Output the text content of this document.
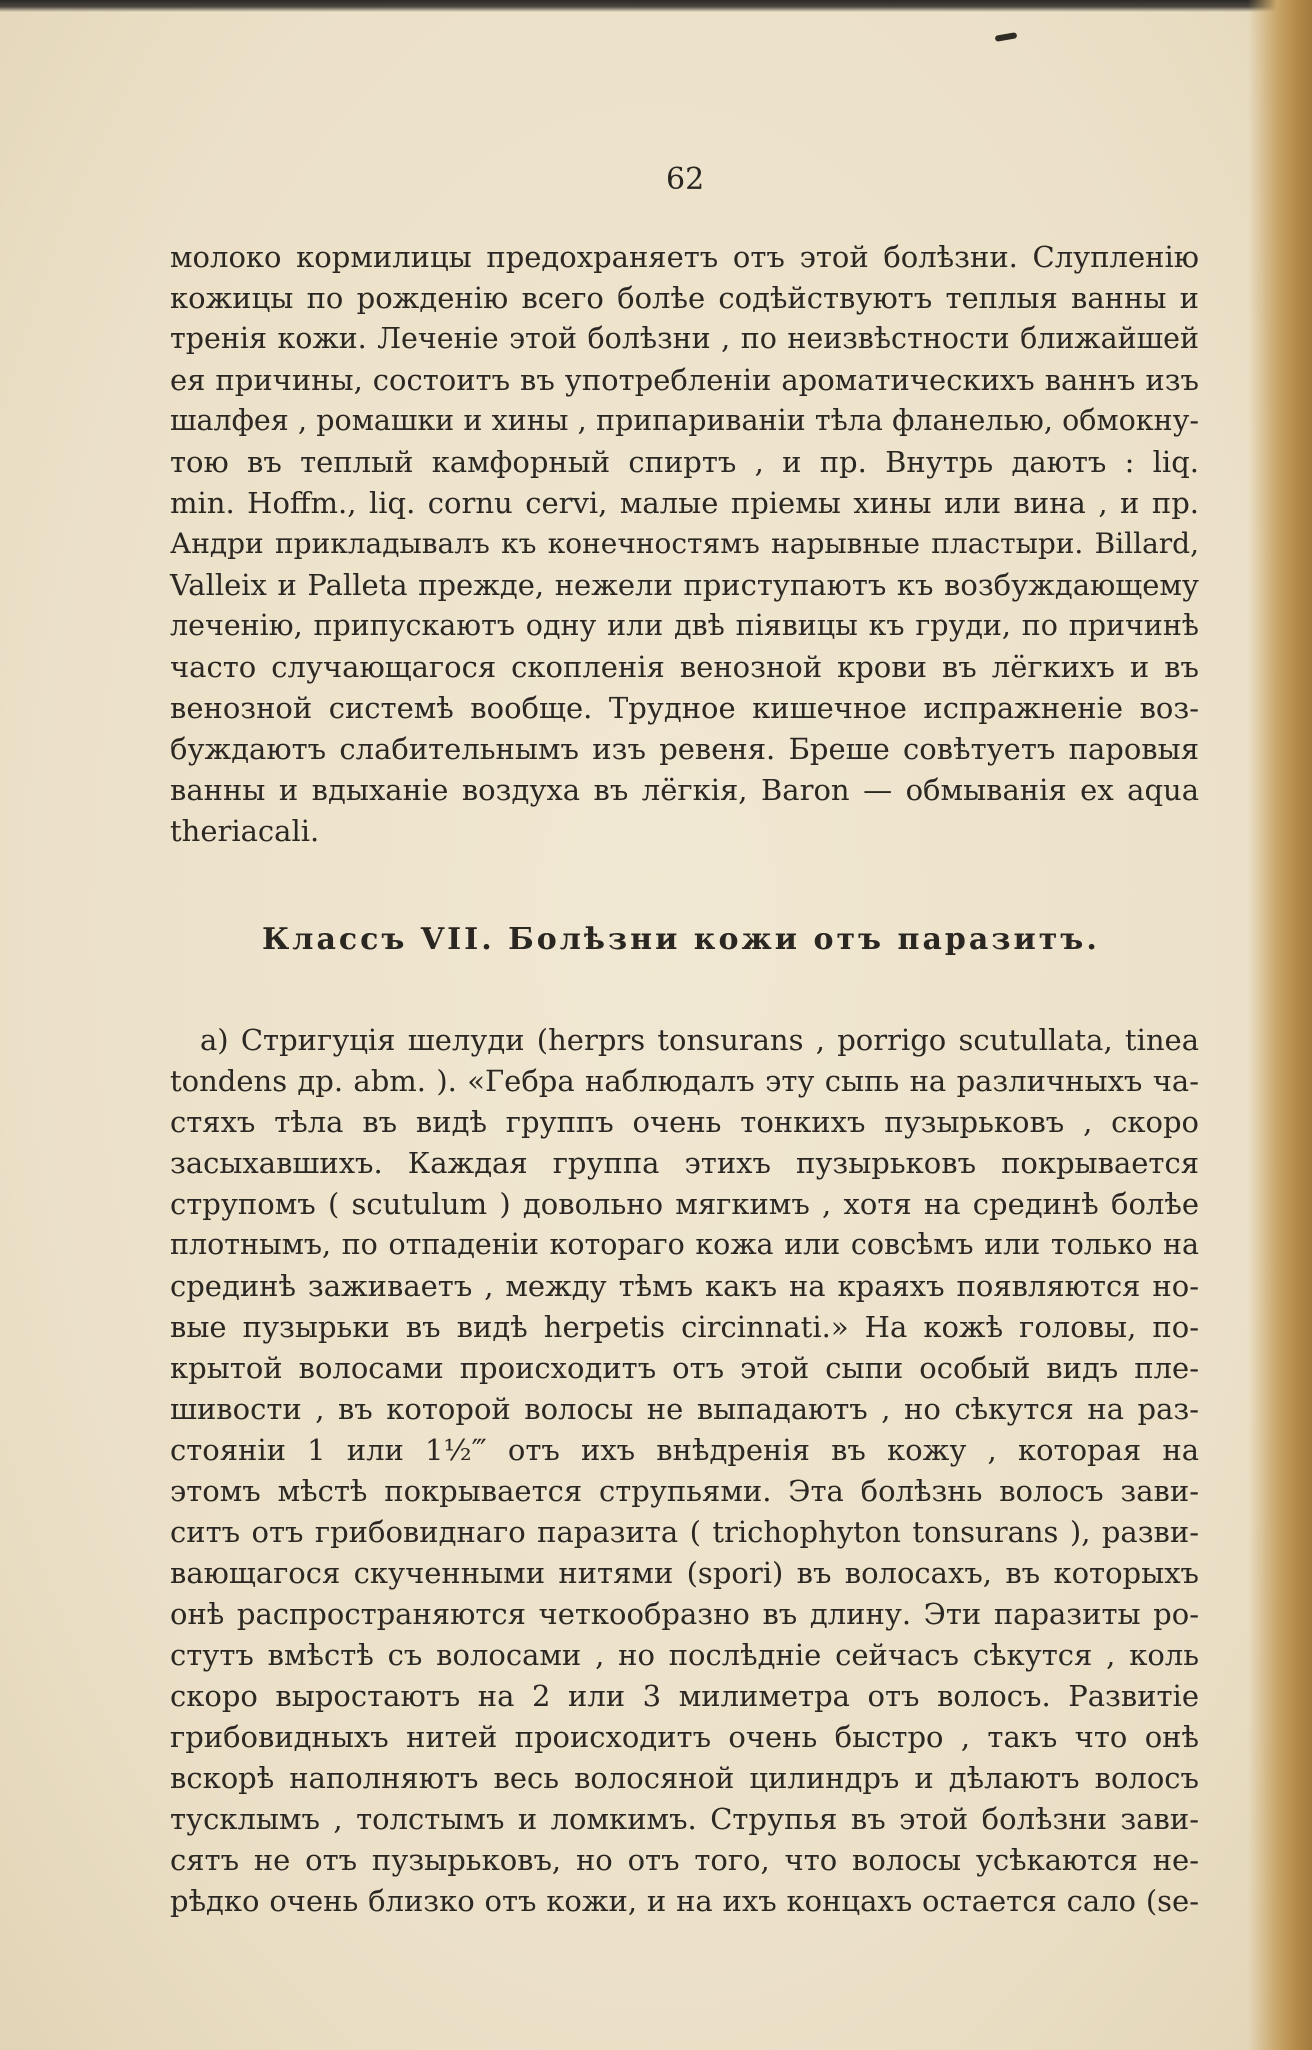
62

молоко кормилицы предохраняетъ отъ этой болѣзни. Слупленію

кожицы по рожденію всего болѣе содѣйствуютъ теплыя ванны и

тренія кожи. Леченіе этой болѣзни , по неизвѣстности ближайшей

ея причины, состоитъ въ употребленіи ароматическихъ ваннъ изъ

шалфея , ромашки и хины , припариваніи тѣла фланелью, обмокну-

тою въ теплый камфорный спиртъ , и пр. Внутрь даютъ : liq.

min. Hoffm., liq. cornu cervi, малые пріемы хины или вина , и пр.

Андри прикладывалъ къ конечностямъ нарывные пластыри. Billard,

Valleix и Palleta прежде, нежели приступаютъ къ возбуждающему

леченію, припускаютъ одну или двѣ піявицы къ груди, по причинѣ

часто случающагося скопленія венозной крови въ лёгкихъ и въ

венозной системѣ вообще. Трудное кишечное испражненіе воз-

буждаютъ слабительнымъ изъ ревеня. Бреше совѣтуетъ паровыя

ванны и вдыханіе воздуха въ лёгкія, Baron — обмыванія ex aqua

theriacali.

Классъ VII. Болѣзни кожи отъ паразитъ.

а) Стригуція шелуди (herprs tonsurans , porrigo scutullata, tinea

tondens др. abm. ). «Гебра наблюдалъ эту сыпь на различныхъ ча-

стяхъ тѣла въ видѣ группъ очень тонкихъ пузырьковъ , скоро

засыхавшихъ. Каждая группа этихъ пузырьковъ покрывается

струпомъ ( scutulum ) довольно мягкимъ , хотя на срединѣ болѣе

плотнымъ, по отпаденіи котораго кожа или совсѣмъ или только на

срединѣ заживаетъ , между тѣмъ какъ на краяхъ появляются но-

вые пузырьки въ видѣ herpetis circinnati.» На кожѣ головы, по-

крытой волосами происходитъ отъ этой сыпи особый видъ пле-

шивости , въ которой волосы не выпадаютъ , но сѣкутся на раз-

стояніи 1 или 1½‴ отъ ихъ внѣдренія въ кожу , которая на

этомъ мѣстѣ покрывается струпьями. Эта болѣзнь волосъ зави-

ситъ отъ грибовиднаго паразита ( trichophyton tonsurans ), разви-

вающагося скученными нитями (spori) въ волосахъ, въ которыхъ

онѣ распространяются четкообразно въ длину. Эти паразиты ро-

стутъ вмѣстѣ съ волосами , но послѣдніе сейчасъ сѣкутся , коль

скоро выростаютъ на 2 или 3 милиметра отъ волосъ. Развитіе

грибовидныхъ нитей происходитъ очень быстро , такъ что онѣ

вскорѣ наполняютъ весь волосяной цилиндръ и дѣлаютъ волосъ

тусклымъ , толстымъ и ломкимъ. Струпья въ этой болѣзни зави-

сятъ не отъ пузырьковъ, но отъ того, что волосы усѣкаются не-

рѣдко очень близко отъ кожи, и на ихъ концахъ остается сало (se-
